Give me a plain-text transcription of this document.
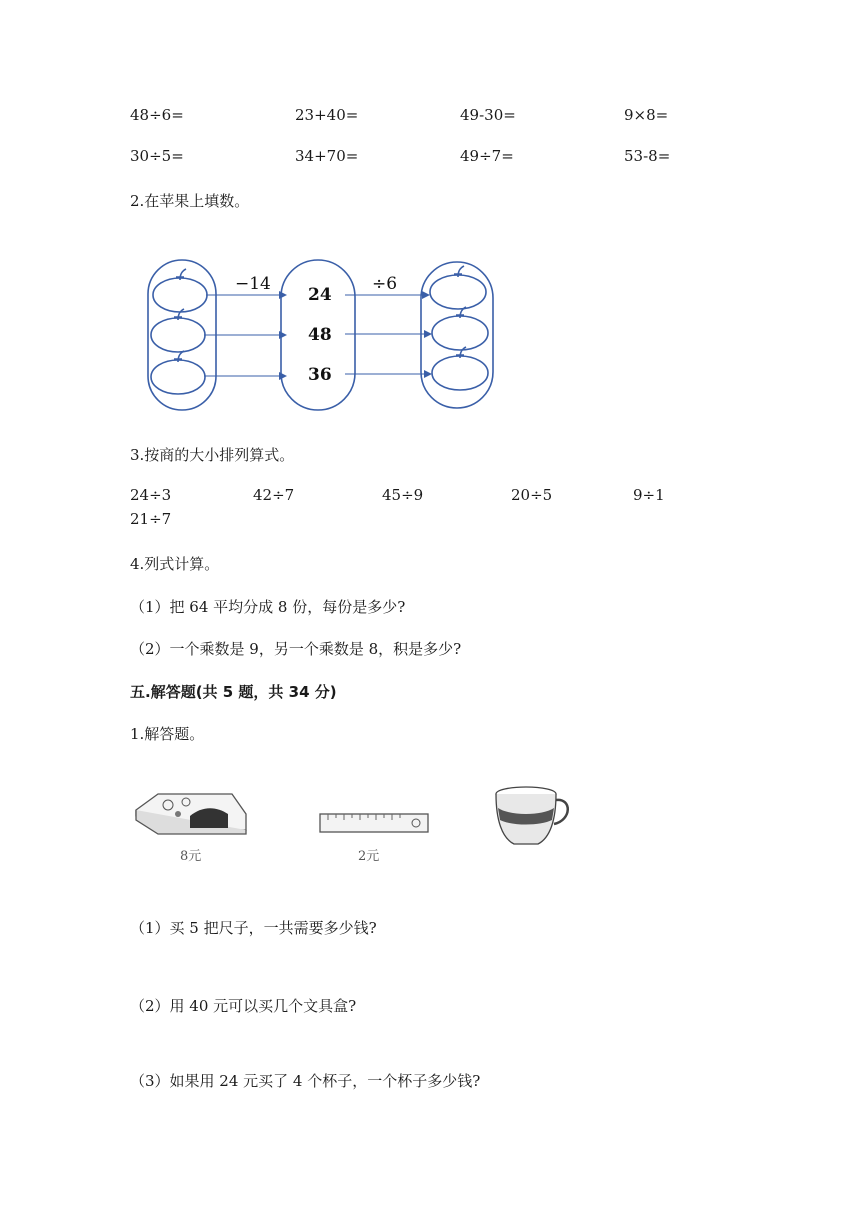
48÷6=	23+40=	49-30=	9×8=
30÷5=	34+70=	49÷7=	53-8=
2.在苹果上填数。
−14	÷6
24
48
36
3.按商的大小排列算式。
24÷3	42÷7	45÷9	20÷5	9÷1
21÷7
4.列式计算。
（1）把 64 平均分成 8 份，每份是多少?
（2）一个乘数是 9，另一个乘数是 8，积是多少?
五.解答题(共 5 题，共 34 分)
1.解答题。
8元	2元
（1）买 5 把尺子，一共需要多少钱?
（2）用 40 元可以买几个文具盒?
（3）如果用 24 元买了 4 个杯子，一个杯子多少钱?
